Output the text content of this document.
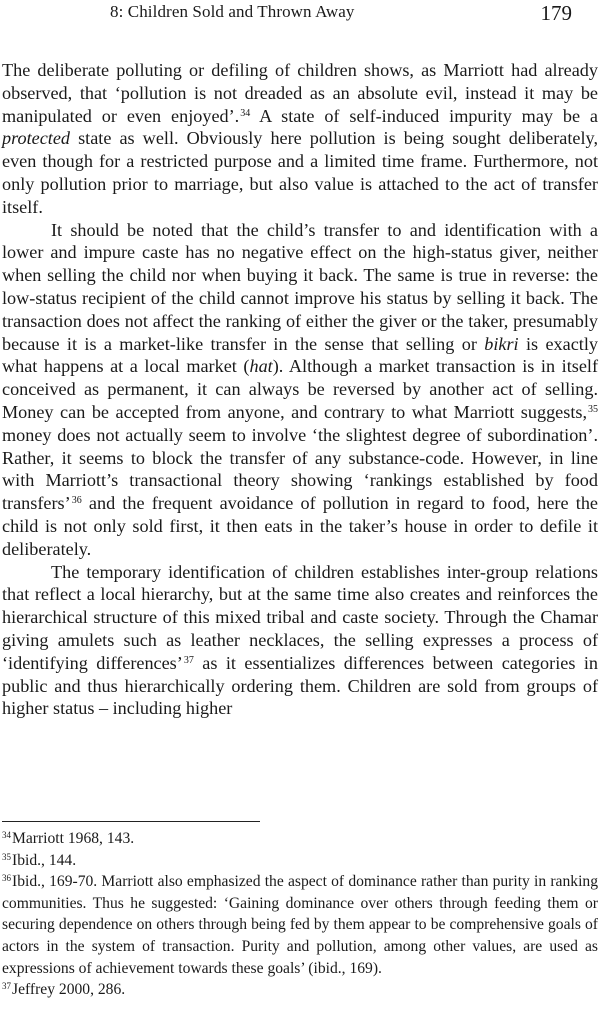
8: Children Sold and Thrown Away	179

The deliberate polluting or defiling of children shows, as Marriott had already observed, that ‘pollution is not dreaded as an absolute evil, instead it may be manipulated or even enjoyed’.$^{34}$ A state of self-induced impurity may be a protected state as well. Obviously here pollution is being sought deliberately, even though for a restricted purpose and a limited time frame. Furthermore, not only pollution prior to marriage, but also value is attached to the act of transfer itself.

It should be noted that the child’s transfer to and identification with a lower and impure caste has no negative effect on the high-status giver, neither when selling the child nor when buying it back. The same is true in reverse: the low-status recipient of the child cannot improve his status by selling it back. The transaction does not affect the ranking of either the giver or the taker, presumably because it is a market-like transfer in the sense that selling or bikri is exactly what happens at a local market (hat). Although a market transaction is in itself conceived as permanent, it can always be reversed by another act of selling. Money can be accepted from anyone, and contrary to what Marriott suggests,$^{35}$ money does not actually seem to involve ‘the slightest degree of subordination’. Rather, it seems to block the transfer of any substance-code. However, in line with Marriott’s transactional theory showing ‘rankings established by food transfers’$^{36}$ and the frequent avoidance of pollution in regard to food, here the child is not only sold first, it then eats in the taker’s house in order to defile it deliberately.

The temporary identification of children establishes inter-group relations that reflect a local hierarchy, but at the same time also creates and reinforces the hierarchical structure of this mixed tribal and caste society. Through the Chamar giving amulets such as leather necklaces, the selling expresses a process of ‘identifying differences’$^{37}$ as it essentializes differences between categories in public and thus hierarchically ordering them. Children are sold from groups of higher status – including higher

$^{34}$Marriott 1968, 143.

$^{35}$Ibid., 144.

$^{36}$Ibid., 169-70. Marriott also emphasized the aspect of dominance rather than purity in ranking communities. Thus he suggested: ‘Gaining dominance over others through feeding them or securing dependence on others through being fed by them appear to be comprehensive goals of actors in the system of transaction. Purity and pollution, among other values, are used as expressions of achievement towards these goals’ (ibid., 169).

$^{37}$Jeffrey 2000, 286.
